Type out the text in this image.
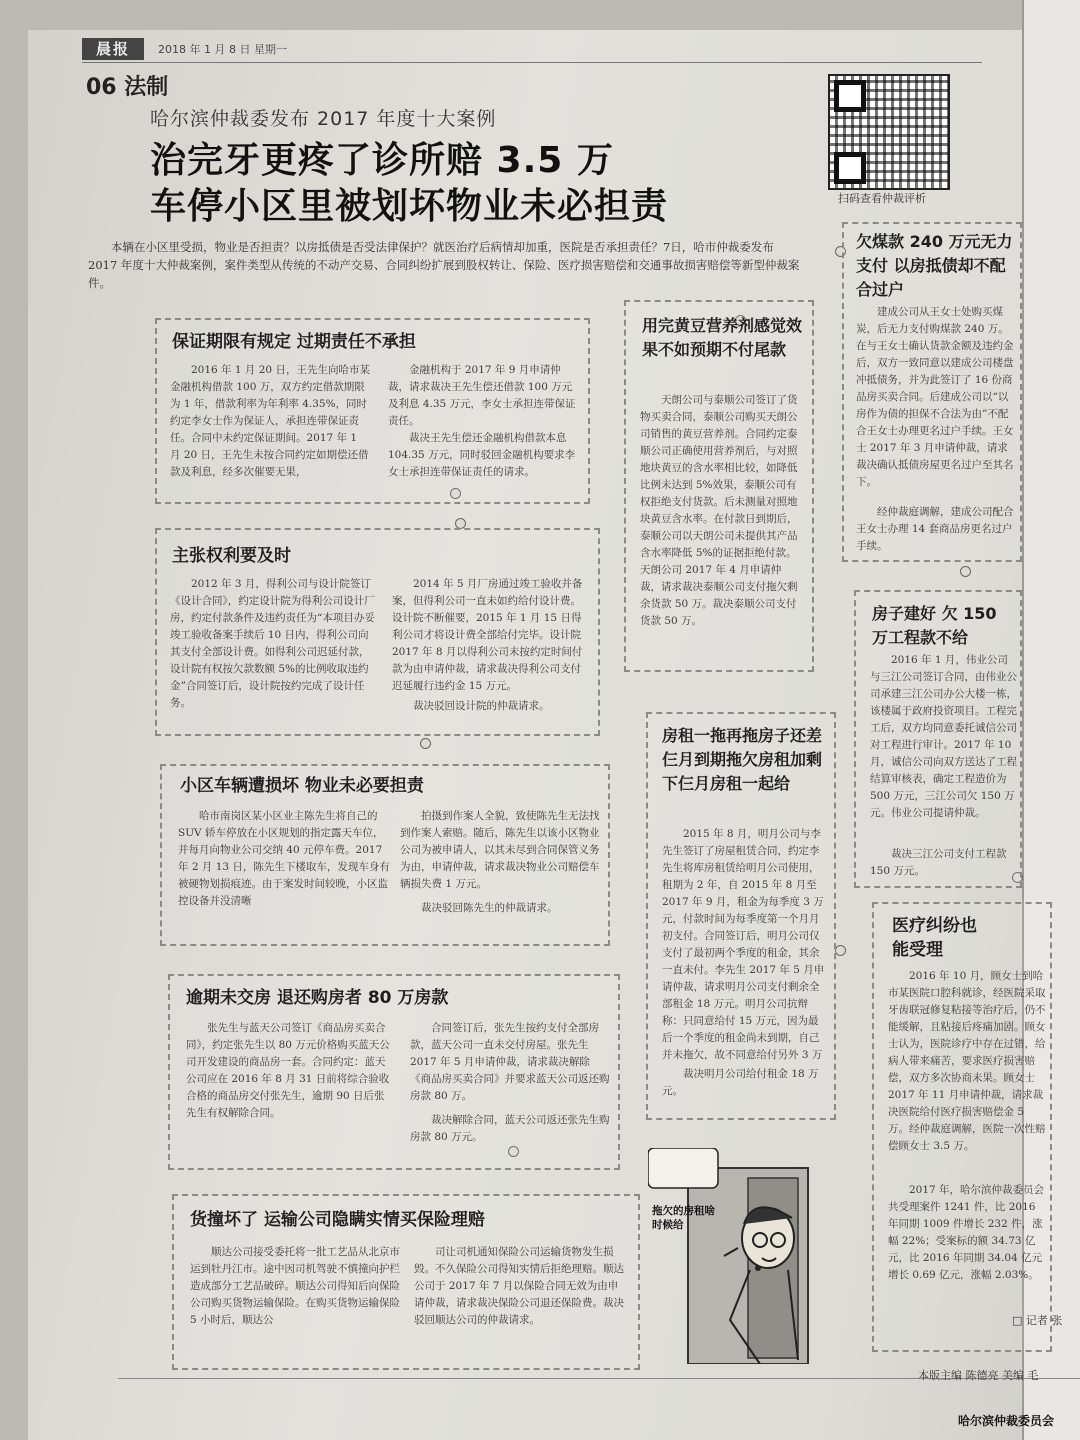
晨报	2018 年 1 月 8 日 星期一
06 法制
哈尔滨仲裁委发布 2017 年度十大案例
治完牙更疼了诊所赔 3.5 万
车停小区里被划坏物业未必担责	扫码查看仲裁评析
本辆在小区里受损，物业是否担责？以房抵债是否受法律保护？就医治疗后病情却加重，医院是否承担责任？7日，哈市仲裁委发布 2017 年度十大仲裁案例，案件类型从传统的不动产交易、合同纠纷扩展到股权转让、保险、医疗损害赔偿和交通事故损害赔偿等新型仲裁案件。
保证期限有规定 过期责任不承担
2016 年 1 月 20 日，王先生向哈市某金融机构借款 100 万，双方约定借款期限为 1 年，借款利率为年利率 4.35%，同时约定李女士作为保证人，承担连带保证责任。合同中未约定保证期间。2017 年 1 月 20 日，王先生未按合同约定如期偿还借款及利息，经多次催要无果，
金融机构于 2017 年 9 月申请仲裁，请求裁决王先生偿还借款 100 万元及利息 4.35 万元，李女士承担连带保证责任。
裁决王先生偿还金融机构借款本息 104.35 万元，同时驳回金融机构要求李女士承担连带保证责任的请求。
主张权利要及时
2012 年 3 月，得利公司与设计院签订《设计合同》，约定设计院为得利公司设计厂房，约定付款条件及违约责任为“本项目办妥竣工验收备案手续后 10 日内，得利公司向其支付全部设计费。如得利公司迟延付款，设计院有权按欠款数额 5%的比例收取违约金”合同签订后，设计院按约完成了设计任务。
2014 年 5 月厂房通过竣工验收并备案，但得利公司一直未如约给付设计费。设计院不断催要，2015 年 1 月 15 日得利公司才将设计费全部给付完毕。设计院 2017 年 8 月以得利公司未按约定时间付款为由申请仲裁，请求裁决得利公司支付迟延履行违约金 15 万元。
裁决驳回设计院的仲裁请求。
小区车辆遭损坏 物业未必要担责
哈市南岗区某小区业主陈先生将自己的 SUV 轿车停放在小区规划的指定露天车位，并每月向物业公司交纳 40 元停车费。2017 年 2 月 13 日，陈先生下楼取车，发现车身有被硬物划损痕迹。由于案发时间较晚，小区监控设备并没清晰
拍摄到作案人全貌，致使陈先生无法找到作案人索赔。随后，陈先生以该小区物业公司为被申请人，以其未尽到合同保管义务为由，申请仲裁，请求裁决物业公司赔偿车辆损失费 1 万元。
裁决驳回陈先生的仲裁请求。
逾期未交房 退还购房者 80 万房款
张先生与蓝天公司签订《商品房买卖合同》，约定张先生以 80 万元价格购买蓝天公司开发建设的商品房一套。合同约定：蓝天公司应在 2016 年 8 月 31 日前将综合验收合格的商品房交付张先生，逾期 90 日后张先生有权解除合同。
合同签订后，张先生按约支付全部房款，蓝天公司一直未交付房屋。张先生 2017 年 5 月申请仲裁，请求裁决解除《商品房买卖合同》并要求蓝天公司返还购房款 80 万。
裁决解除合同，蓝天公司返还张先生购房款 80 万元。
货撞坏了 运输公司隐瞒实情买保险理赔
顺达公司接受委托将一批工艺品从北京市运到牡丹江市。途中因司机驾驶不慎撞向护栏造成部分工艺品破碎。顺达公司得知后向保险公司购买货物运输保险。在购买货物运输保险 5 小时后，顺达公
司让司机通知保险公司运输货物发生损毁。不久保险公司得知实情后拒绝理赔。顺达公司于 2017 年 7 月以保险合同无效为由申请仲裁，请求裁决保险公司退还保险费。裁决驳回顺达公司的仲裁请求。
用完黄豆营养剂感觉效果不如预期不付尾款
天朗公司与泰顺公司签订了货物买卖合同，泰顺公司购买天朗公司销售的黄豆营养剂。合同约定泰顺公司正确使用营养剂后，与对照地块黄豆的含水率相比较，如降低比例未达到 5%效果，泰顺公司有权拒绝支付货款。后未测量对照地块黄豆含水率。在付款日到期后，泰顺公司以天朗公司未提供其产品含水率降低 5%的证据拒绝付款。天朗公司 2017 年 4 月申请仲裁，请求裁决泰顺公司支付拖欠剩余货款 50 万。裁决泰顺公司支付货款 50 万。
房租一拖再拖房子还差仨月到期拖欠房租加剩下仨月房租一起给
2015 年 8 月，明月公司与李先生签订了房屋租赁合同，约定李先生将库房租赁给明月公司使用，租期为 2 年，自 2015 年 8 月至 2017 年 9 月，租金为每季度 3 万元，付款时间为每季度第一个月月初支付。合同签订后，明月公司仅支付了最初两个季度的租金，其余一直未付。李先生 2017 年 5 月申请仲裁，请求明月公司支付剩余全部租金 18 万元。明月公司抗辩称：只同意给付 15 万元，因为最后一个季度的租金尚未到期，自己并未拖欠，故不同意给付另外 3 万
裁决明月公司给付租金 18 万元。
欠煤款 240 万元无力支付 以房抵债却不配合过户
建成公司从王女士处购买煤炭，后无力支付购煤款 240 万。在与王女士确认货款金额及违约金后，双方一致同意以建成公司楼盘冲抵债务，并为此签订了 16 份商品房买卖合同。后建成公司以“以房作为债的担保不合法为由”不配合王女士办理更名过户手续。王女士 2017 年 3 月申请仲裁，请求裁决确认抵债房屋更名过户至其名下。
经仲裁庭调解，建成公司配合王女士办理 14 套商品房更名过户手续。
房子建好 欠 150 万工程款不给
2016 年 1 月，伟业公司与三江公司签订合同，由伟业公司承建三江公司办公大楼一栋，该楼属于政府投资项目。工程完工后，双方均同意委托诚信公司对工程进行审计。2017 年 10 月，诚信公司向双方送达了工程结算审核表，确定工程造价为 500 万元，三江公司欠 150 万元。伟业公司提请仲裁。
裁决三江公司支付工程款 150 万元。
医疗纠纷也能受理
2016 年 10 月，顾女士到哈市某医院口腔科就诊，经医院采取牙齿联冠修复粘接等治疗后，仍不能缓解，且粘接后疼痛加剧。顾女士认为，医院诊疗中存在过错，给病人带来痛苦，要求医疗损害赔偿，双方多次协商未果。顾女士 2017 年 11 月申请仲裁，请求裁决医院给付医疗损害赔偿金 5 万。经仲裁庭调解，医院一次性赔偿顾女士 3.5 万。
2017 年，哈尔滨仲裁委员会共受理案件 1241 件，比 2016 年同期 1009 件增长 232 件，涨幅 22%；受案标的额 34.73 亿元，比 2016 年同期 34.04 亿元增长 0.69 亿元，涨幅 2.03%。
□ 记者 张
拖欠的房租啥时候给
本版主编 陈德亮 美编 毛
哈尔滨仲裁委员会
